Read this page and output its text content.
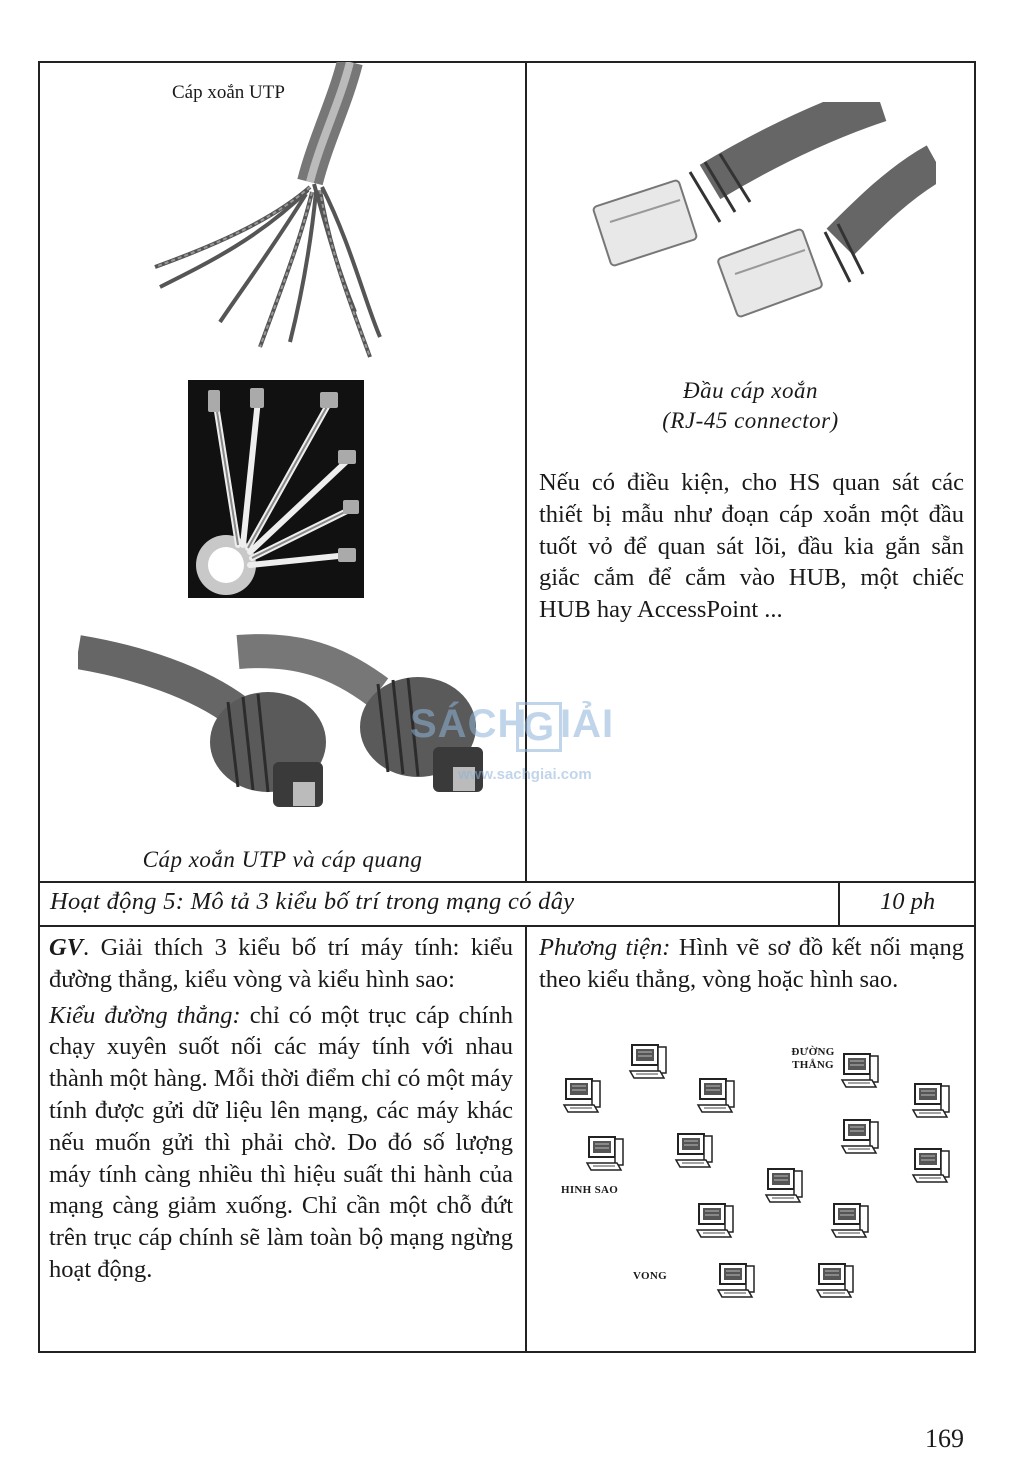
Cáp xoắn UTP
Cáp xoắn UTP và cáp quang
Đầu cáp xoắn
(RJ-45 connector)
Nếu có điều kiện, cho HS quan sát các thiết bị mẫu như đoạn cáp xoắn một đầu tuốt vỏ để quan sát lõi, đầu kia gắn sẵn giắc cắm để cắm vào HUB, một chiếc HUB hay AccessPoint ...
Hoạt động 5: Mô tả 3 kiểu bố trí trong mạng có dây	10 ph
GV. Giải thích 3 kiểu bố trí máy tính: kiểu đường thẳng, kiểu vòng và kiểu hình sao:
Kiểu đường thẳng: chỉ có một trục cáp chính chạy xuyên suốt nối các máy tính với nhau thành một hàng. Mỗi thời điểm chỉ có một máy tính được gửi dữ liệu lên mạng, các máy khác nếu muốn gửi thì phải chờ. Do đó số lượng máy tính càng nhiều thì hiệu suất thi hành của mạng càng giảm xuống. Chỉ cần một chỗ đứt trên trục cáp chính sẽ làm toàn bộ mạng ngừng hoạt động.
Phương tiện: Hình vẽ sơ đồ kết nối mạng theo kiểu thẳng, vòng hoặc hình sao.
ĐƯỜNG
THẲNG
HINH SAO
VONG
SÁCH
G IẢI
www.sachgiai.com
169
